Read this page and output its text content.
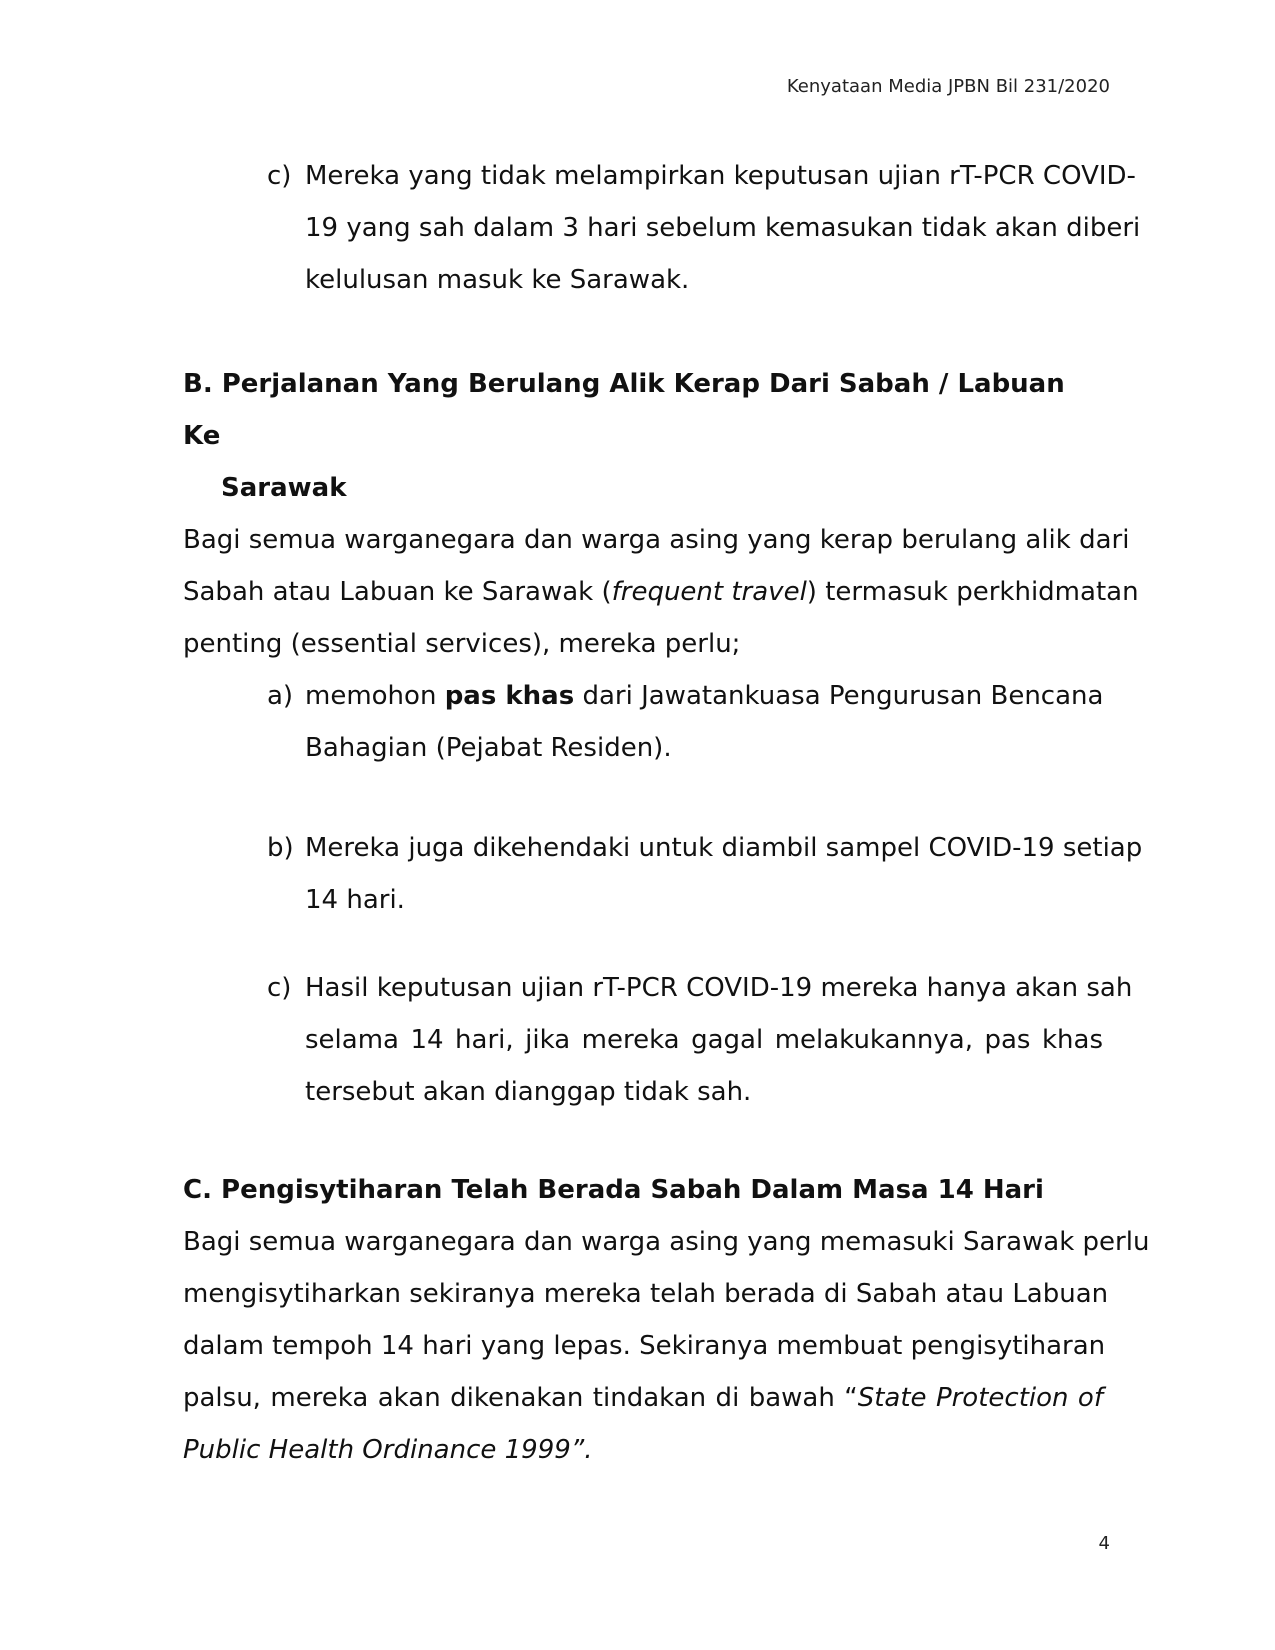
Kenyataan Media JPBN Bil 231/2020
c) Mereka yang tidak melampirkan keputusan ujian rT-PCR COVID-
19 yang sah dalam 3 hari sebelum kemasukan tidak akan diberi
kelulusan masuk ke Sarawak.
B. Perjalanan Yang Berulang Alik Kerap Dari Sabah / Labuan Ke
Sarawak
Bagi semua warganegara dan warga asing yang kerap berulang alik dari
Sabah atau Labuan ke Sarawak (frequent travel) termasuk perkhidmatan
penting (essential services), mereka perlu;
a) memohon pas khas dari Jawatankuasa Pengurusan Bencana
Bahagian (Pejabat Residen).
b) Mereka juga dikehendaki untuk diambil sampel COVID-19 setiap
14 hari.
c) Hasil keputusan ujian rT-PCR COVID-19 mereka hanya akan sah
selama 14 hari, jika mereka gagal melakukannya, pas khas
tersebut akan dianggap tidak sah.
C. Pengisytiharan Telah Berada Sabah Dalam Masa 14 Hari
Bagi semua warganegara dan warga asing yang memasuki Sarawak perlu
mengisytiharkan sekiranya mereka telah berada di Sabah atau Labuan
dalam tempoh 14 hari yang lepas. Sekiranya membuat pengisytiharan
palsu, mereka akan dikenakan tindakan di bawah “State Protection of
Public Health Ordinance 1999”.
4
